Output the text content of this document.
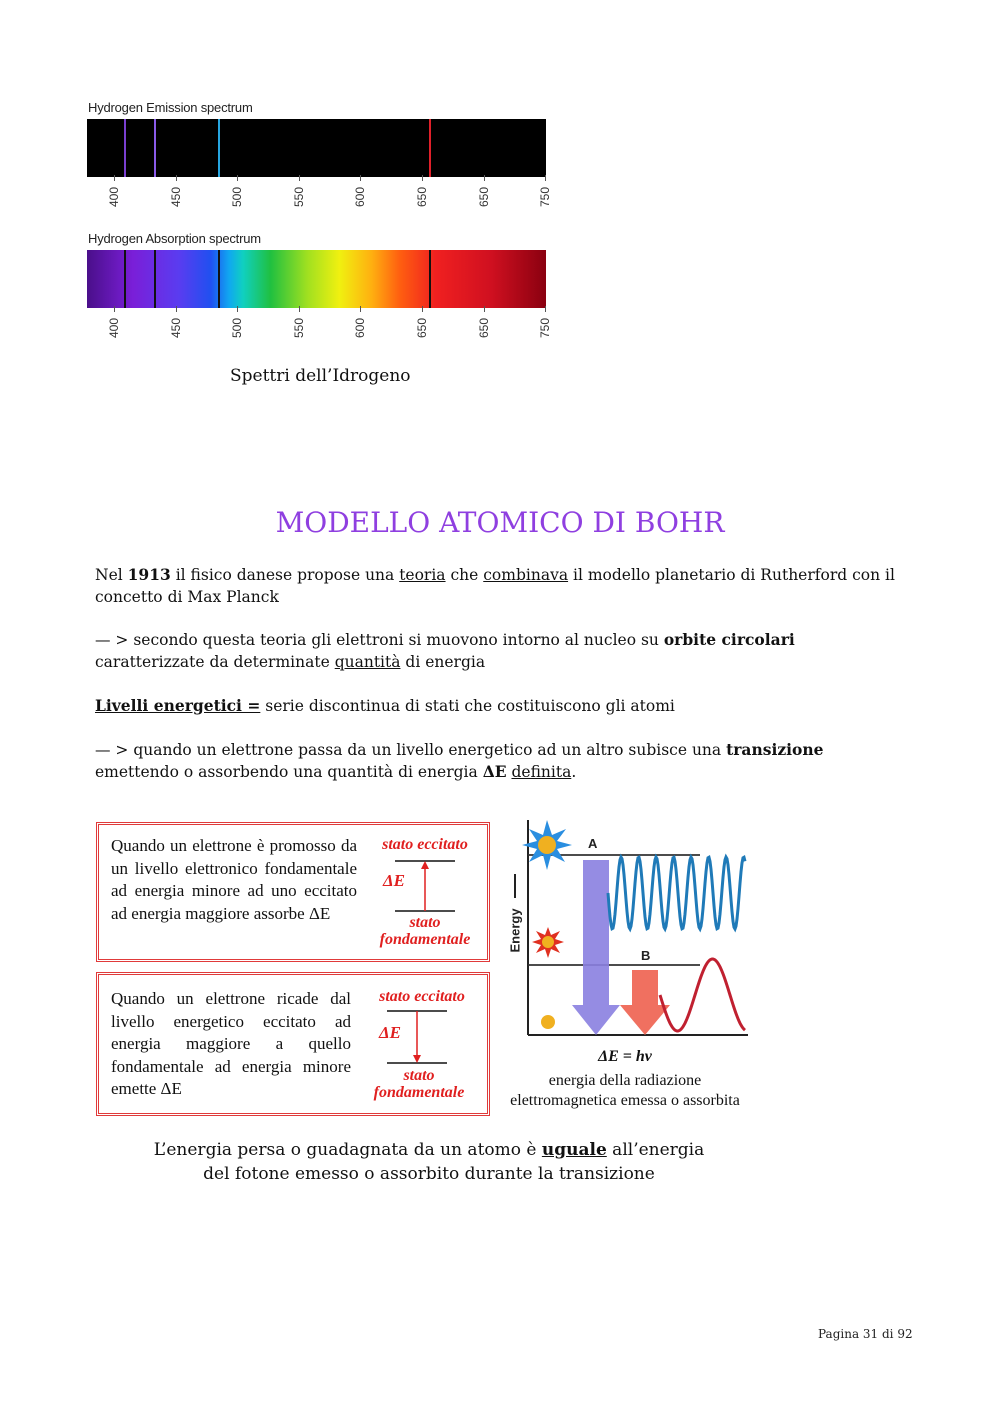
Hydrogen Emission spectrum
400	450	500	550	600	650	650	750
Hydrogen Absorption spectrum
400	450	500	550	600	650	650	750
Spettri dell’Idrogeno
MODELLO ATOMICO DI BOHR
Nel 1913 il fisico danese propose una teoria che combinava il modello planetario di Rutherford con il concetto di Max Planck
— > secondo questa teoria gli elettroni si muovono intorno al nucleo su orbite circolari caratterizzate da determinate quantità di energia
Livelli energetici = serie discontinua di stati che costituiscono gli atomi
— > quando un elettrone passa da un livello energetico ad un altro subisce una transizione emettendo o assorbendo una quantità di energia ΔE definita.
Quando un elettrone è promosso da un livello elettronico fondamentale ad energia minore ad uno eccitato ad energia maggiore assorbe ΔE
stato eccitato
ΔE
stato
fondamentale
Quando un elettrone ricade dal livello energetico eccitato ad energia maggiore a quello fondamentale ad energia minore emette ΔE
stato eccitato
ΔE
stato
fondamentale
Energy
A
B
ΔE = hν
energia della radiazione
elettromagnetica emessa o assorbita
L’energia persa o guadagnata da un atomo è uguale all’energia
del fotone emesso o assorbito durante la transizione
Pagina 31 di 92
